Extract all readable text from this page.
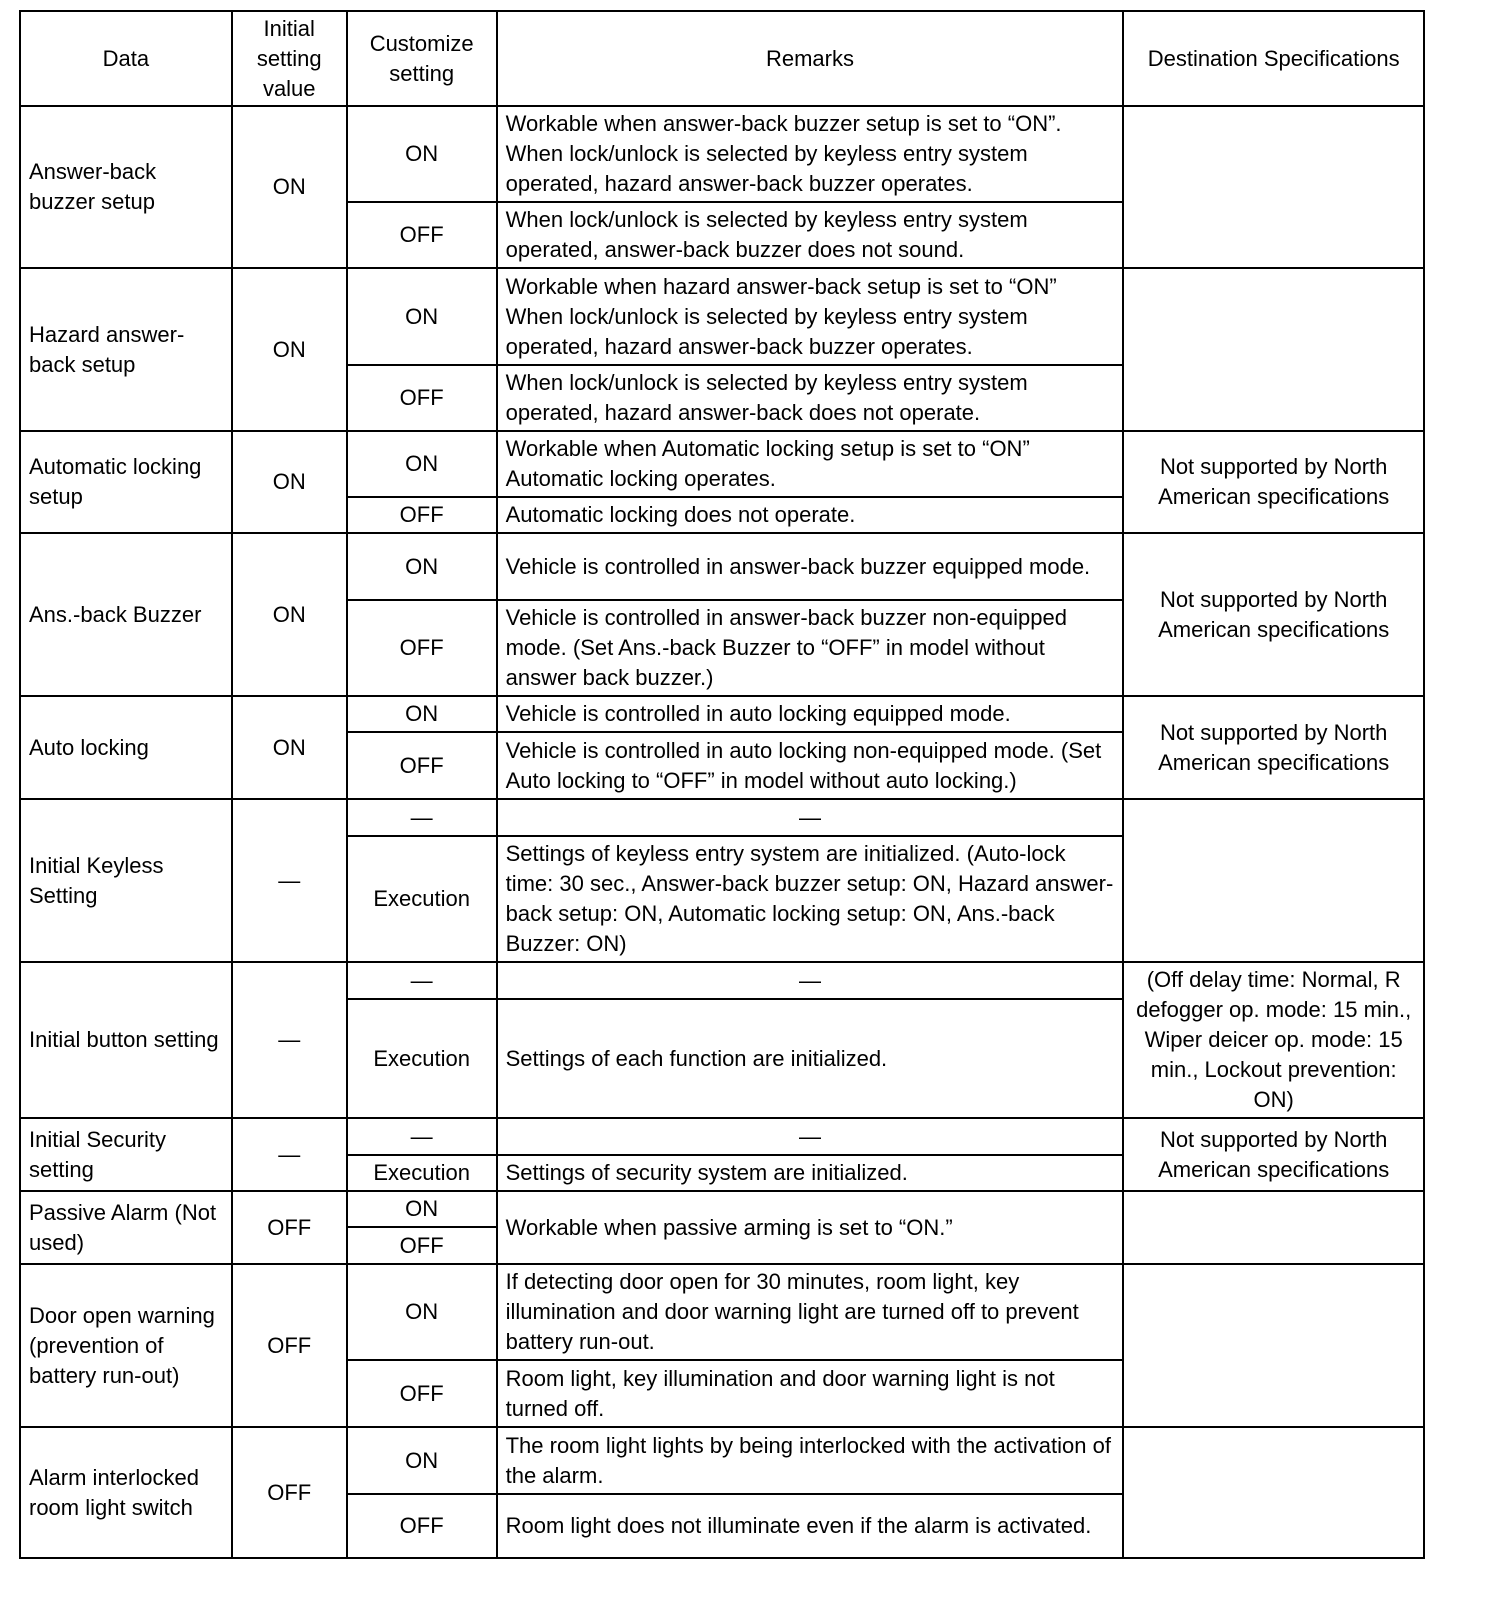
Data	Initial setting value	Customize setting	Remarks	Destination Specifications
Answer-back buzzer setup	ON	ON	Workable when answer-back buzzer setup is set to “ON”. When lock/unlock is selected by keyless entry system operated, hazard answer-back buzzer operates.	
		OFF	When lock/unlock is selected by keyless entry system operated, answer-back buzzer does not sound.	
Hazard answer-back setup	ON	ON	Workable when hazard answer-back setup is set to “ON” When lock/unlock is selected by keyless entry system operated, hazard answer-back buzzer operates.	
		OFF	When lock/unlock is selected by keyless entry system operated, hazard answer-back does not operate.	
Automatic locking setup	ON	ON	Workable when Automatic locking setup is set to “ON” Automatic locking operates.	Not supported by North American specifications
		OFF	Automatic locking does not operate.	
Ans.-back Buzzer	ON	ON	Vehicle is controlled in answer-back buzzer equipped mode.	Not supported by North American specifications
		OFF	Vehicle is controlled in answer-back buzzer non-equipped mode. (Set Ans.-back Buzzer to “OFF” in model without answer back buzzer.)	
Auto locking	ON	ON	Vehicle is controlled in auto locking equipped mode.	Not supported by North American specifications
		OFF	Vehicle is controlled in auto locking non-equipped mode. (Set Auto locking to “OFF” in model without auto locking.)	
Initial Keyless Setting	—	—	—	
		Execution	Settings of keyless entry system are initialized. (Auto-lock time: 30 sec., Answer-back buzzer setup: ON, Hazard answer-back setup: ON, Automatic locking setup: ON, Ans.-back Buzzer: ON)	
Initial button setting	—	—	—	(Off delay time: Normal, R defogger op. mode: 15 min., Wiper deicer op. mode: 15 min., Lockout prevention: ON)
		Execution	Settings of each function are initialized.	
Initial Security setting	—	—	—	Not supported by North American specifications
		Execution	Settings of security system are initialized.	
Passive Alarm (Not used)	OFF	ON	Workable when passive arming is set to “ON.”	
		OFF		
Door open warning (prevention of battery run-out)	OFF	ON	If detecting door open for 30 minutes, room light, key illumination and door warning light are turned off to prevent battery run-out.	
		OFF	Room light, key illumination and door warning light is not turned off.	
Alarm interlocked room light switch	OFF	ON	The room light lights by being interlocked with the activation of the alarm.	
		OFF	Room light does not illuminate even if the alarm is activated.	
